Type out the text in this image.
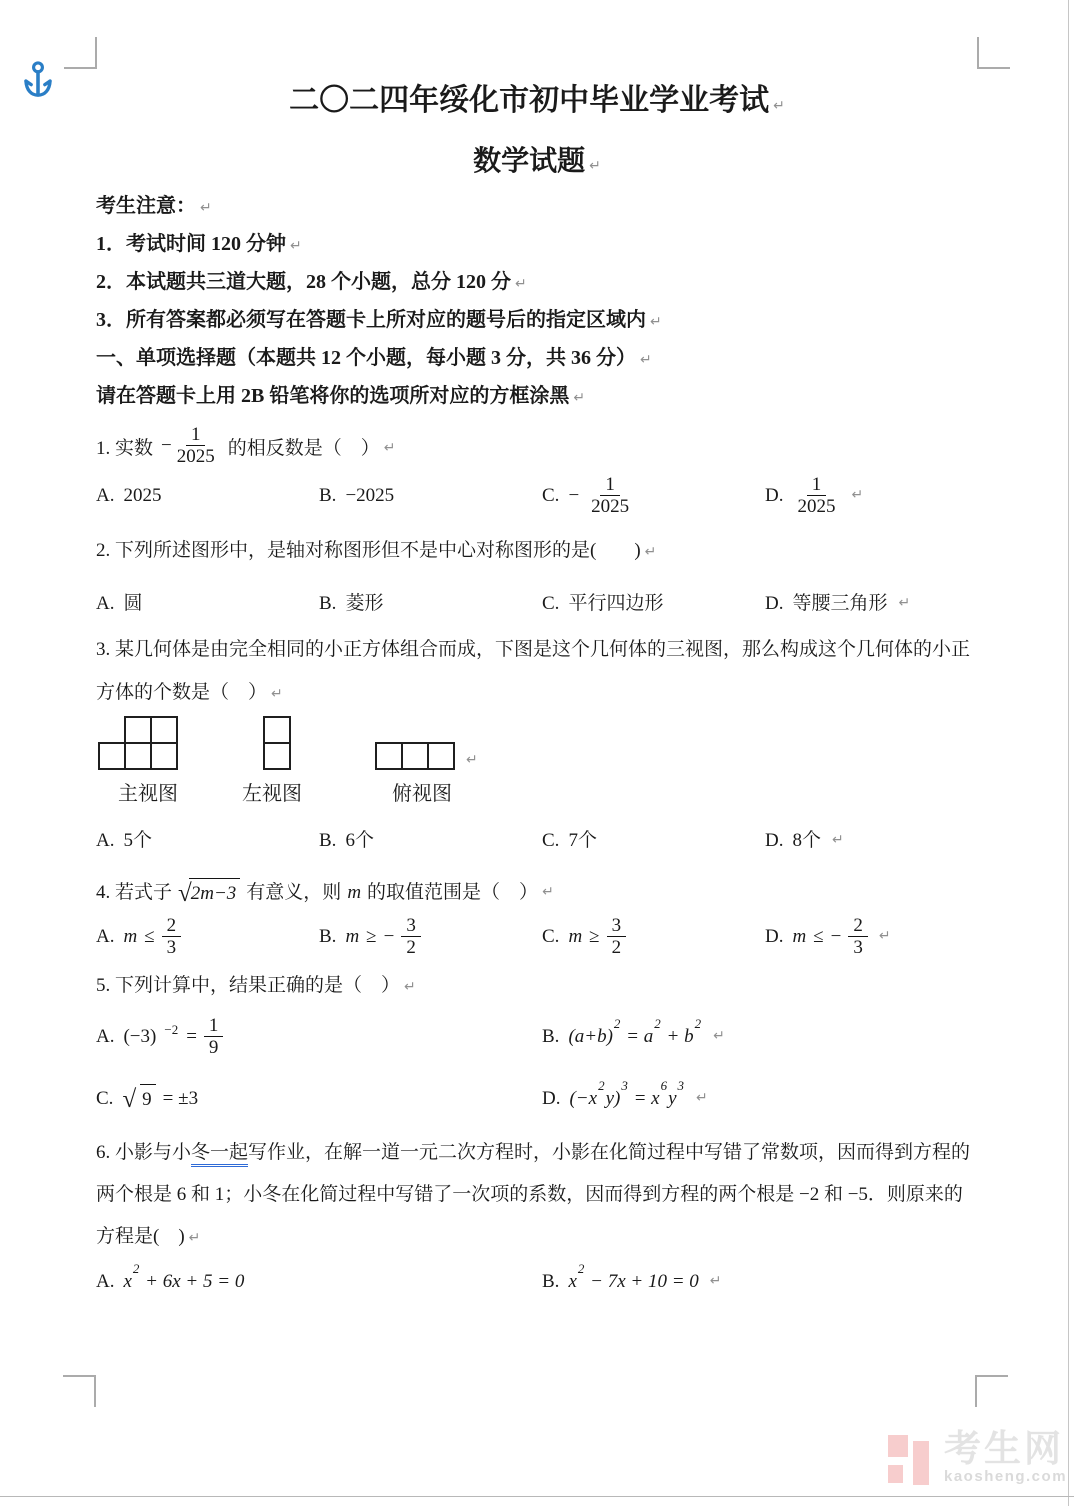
二〇二四年绥化市初中毕业学业考试 ↵
数学试题 ↵
考生注意： ↵
1．考试时间 120 分钟 ↵
2．本试题共三道大题，28 个小题，总分 120 分 ↵
3．所有答案都必须写在答题卡上所对应的题号后的指定区域内 ↵
一、单项选择题（本题共 12 个小题，每小题 3 分，共 36 分） ↵
请在答题卡上用 2B 铅笔将你的选项所对应的方框涂黑 ↵
1. 实数 − $\frac{1}{2025}$ 的相反数是（　） ↵
A. 2025	B. −2025	C. − $\frac{1}{2025}$	D. $\frac{1}{2025}$ ↵
2. 下列所述图形中，是轴对称图形但不是中心对称图形的是(　　) ↵
A. 圆	B. 菱形	C. 平行四边形	D. 等腰三角形 ↵
3. 某几何体是由完全相同的小正方体组合而成，下图是这个几何体的三视图，那么构成这个几何体的小正
方体的个数是（　） ↵
↵
主视图	左视图	俯视图
A. 5个	B. 6个	C. 7个	D. 8个 ↵
4. 若式子 √ 2m−3 有意义，则 m 的取值范围是（　） ↵
A. $m \le \frac{2}{3}$	B. m ≥ − $\frac{3}{2}$	C. $m \ge \frac{3}{2}$	D. m ≤ − $\frac{2}{3}$ ↵
5. 下列计算中，结果正确的是（　） ↵
A. (−3) $^{-2} = \frac{1}{9}$	B. $(a+b)^2 = a^2 + b^2$
↵
C. √ 9 = ±3	D. $(-x^2y)^3 = x^6y^3$
↵
6. 小影与小冬一起写作业，在解一道一元二次方程时，小影在化简过程中写错了常数项，因而得到方程的
两个根是 6 和 1；小冬在化简过程中写错了一次项的系数，因而得到方程的两个根是 −2 和 −5．则原来的
方程是(　) ↵
A. $x^2 + 6x + 5 = 0$	B. $x^2 - 7x + 10 = 0$ ↵
考生网
kaosheng.com
